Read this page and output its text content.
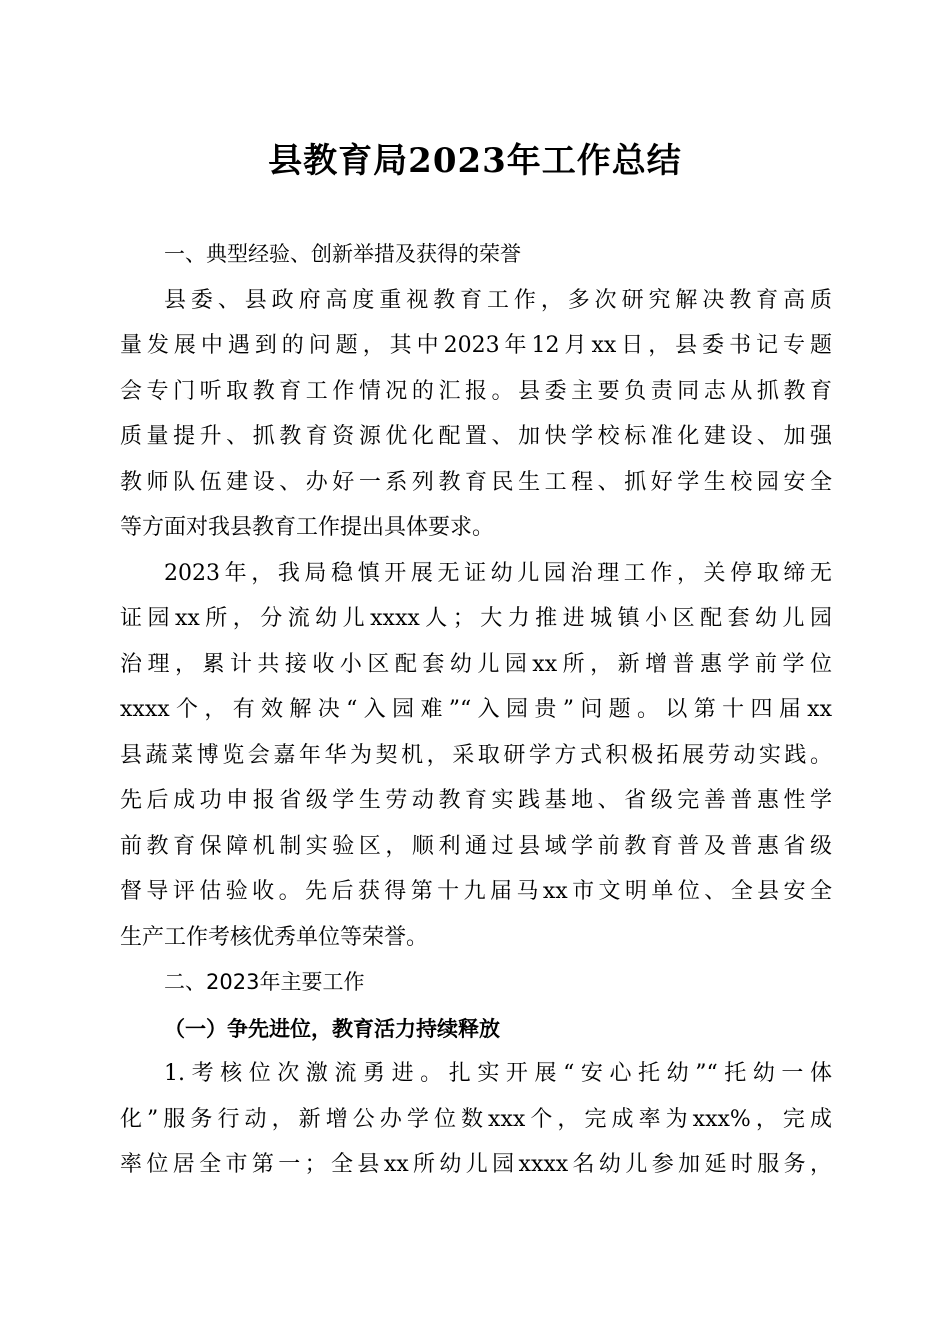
县教育局2023年工作总结
一、典型经验、创新举措及获得的荣誉
县委、县政府高度重视教育工作，多次研究解决教育高质
量发展中遇到的问题，其中2023年12月xx日，县委书记专题
会专门听取教育工作情况的汇报。县委主要负责同志从抓教育
质量提升、抓教育资源优化配置、加快学校标准化建设、加强
教师队伍建设、办好一系列教育民生工程、抓好学生校园安全
等方面对我县教育工作提出具体要求。
2023年，我局稳慎开展无证幼儿园治理工作，关停取缔无
证园xx所，分流幼儿xxxx人；大力推进城镇小区配套幼儿园
治理，累计共接收小区配套幼儿园xx所，新增普惠学前学位
xxxx个，有效解决“入园难”“入园贵”问题。以第十四届xx
县蔬菜博览会嘉年华为契机，采取研学方式积极拓展劳动实践。
先后成功申报省级学生劳动教育实践基地、省级完善普惠性学
前教育保障机制实验区，顺利通过县域学前教育普及普惠省级
督导评估验收。先后获得第十九届马xx市文明单位、全县安全
生产工作考核优秀单位等荣誉。
二、2023年主要工作
（一）争先进位，教育活力持续释放
1.考核位次激流勇进。扎实开展“安心托幼”“托幼一体
化”服务行动，新增公办学位数xxx个，完成率为xxx%，完成
率位居全市第一；全县xx所幼儿园xxxx名幼儿参加延时服务，
